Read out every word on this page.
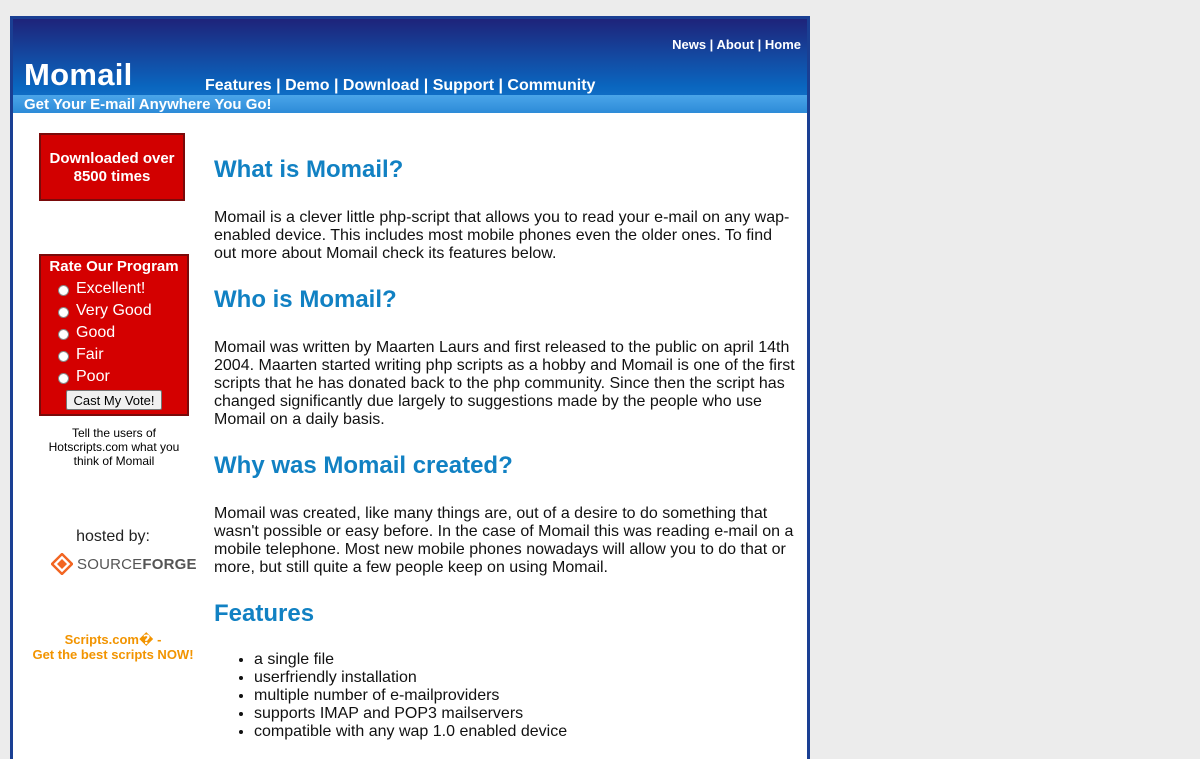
News | About | Home
Momail	Features | Demo | Download | Support | Community
Get Your E-mail Anywhere You Go!
Downloaded over 8500 times
Rate Our Program
Excellent!
Very Good
Good
Fair
Poor
Cast My Vote!
Tell the users of Hotscripts.com what you think of Momail
hosted by:
SOURCEFORGE
Scripts.com� -
Get the best scripts NOW!
What is Momail?

Momail is a clever little php-script that allows you to read your e-mail on any wap-enabled device. This includes most mobile phones even the older ones. To find out more about Momail check its features below.

Who is Momail?

Momail was written by Maarten Laurs and first released to the public on april 14th 2004. Maarten started writing php scripts as a hobby and Momail is one of the first scripts that he has donated back to the php community. Since then the script has changed significantly due largely to suggestions made by the people who use Momail on a daily basis.

Why was Momail created?

Momail was created, like many things are, out of a desire to do something that wasn't possible or easy before. In the case of Momail this was reading e-mail on a mobile telephone. Most new mobile phones nowadays will allow you to do that or more, but still quite a few people keep on using Momail.

Features
• a single file
• userfriendly installation
• multiple number of e-mailproviders
• supports IMAP and POP3 mailservers
• compatible with any wap 1.0 enabled device
